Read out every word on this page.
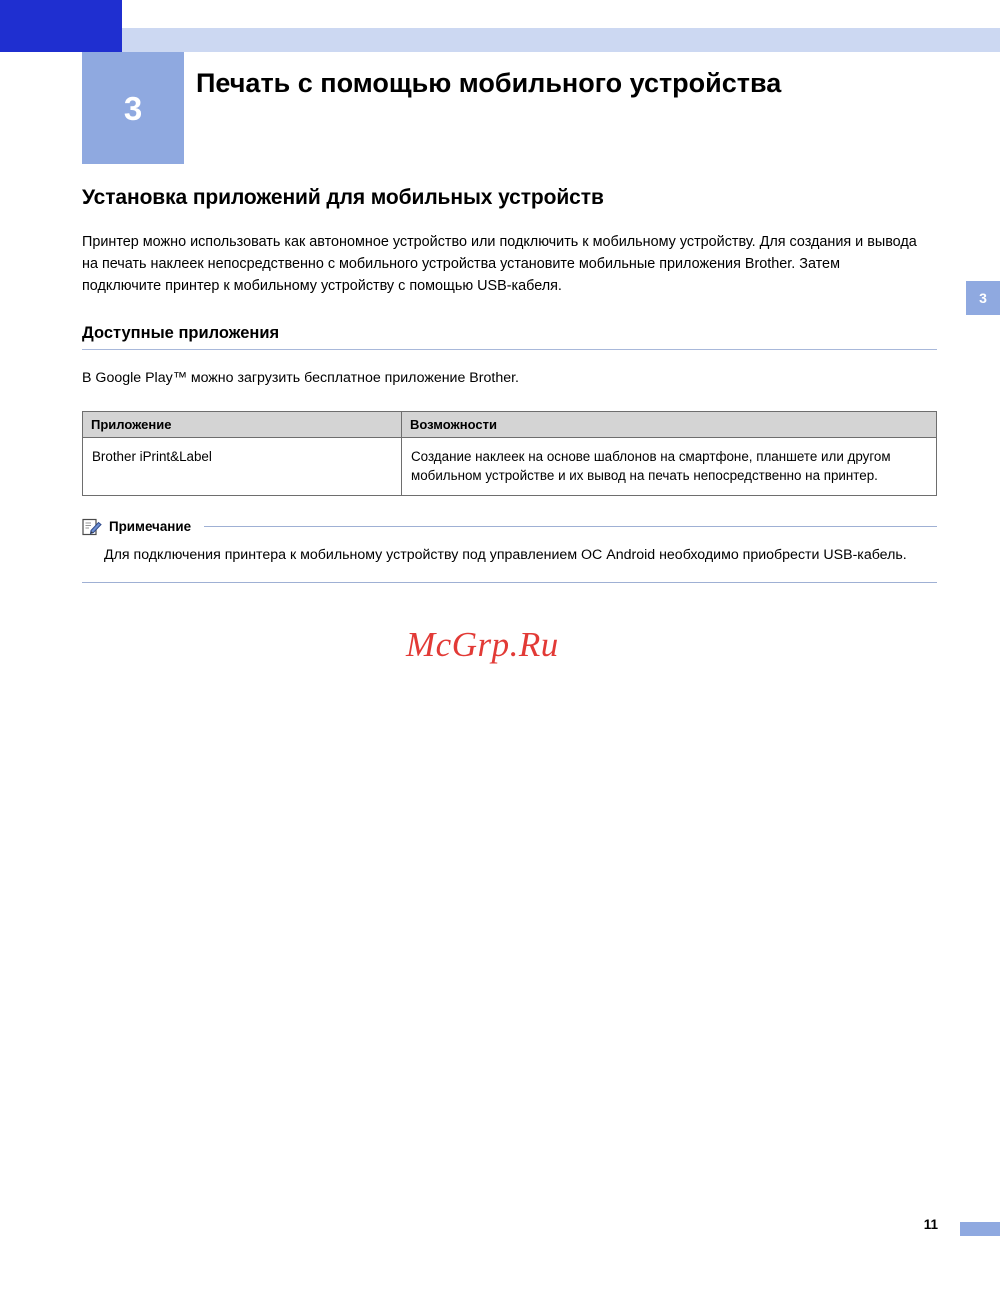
3
Печать с помощью мобильного устройства
3
Установка приложений для мобильных устройств

Принтер можно использовать как автономное устройство или подключить к мобильному устройству. Для создания и вывода на печать наклеек непосредственно с мобильного устройства установите мобильные приложения Brother. Затем подключите принтер к мобильному устройству с помощью USB-кабеля.

Доступные приложения

В Google Play™ можно загрузить бесплатное приложение Brother.

Приложение	Возможности
Brother iPrint&Label	Создание наклеек на основе шаблонов на смартфоне, планшете или другом мобильном устройстве и их вывод на печать непосредственно на принтер.
Примечание

Для подключения принтера к мобильному устройству под управлением ОС Android необходимо приобрести USB-кабель.

McGrp.Ru
11
